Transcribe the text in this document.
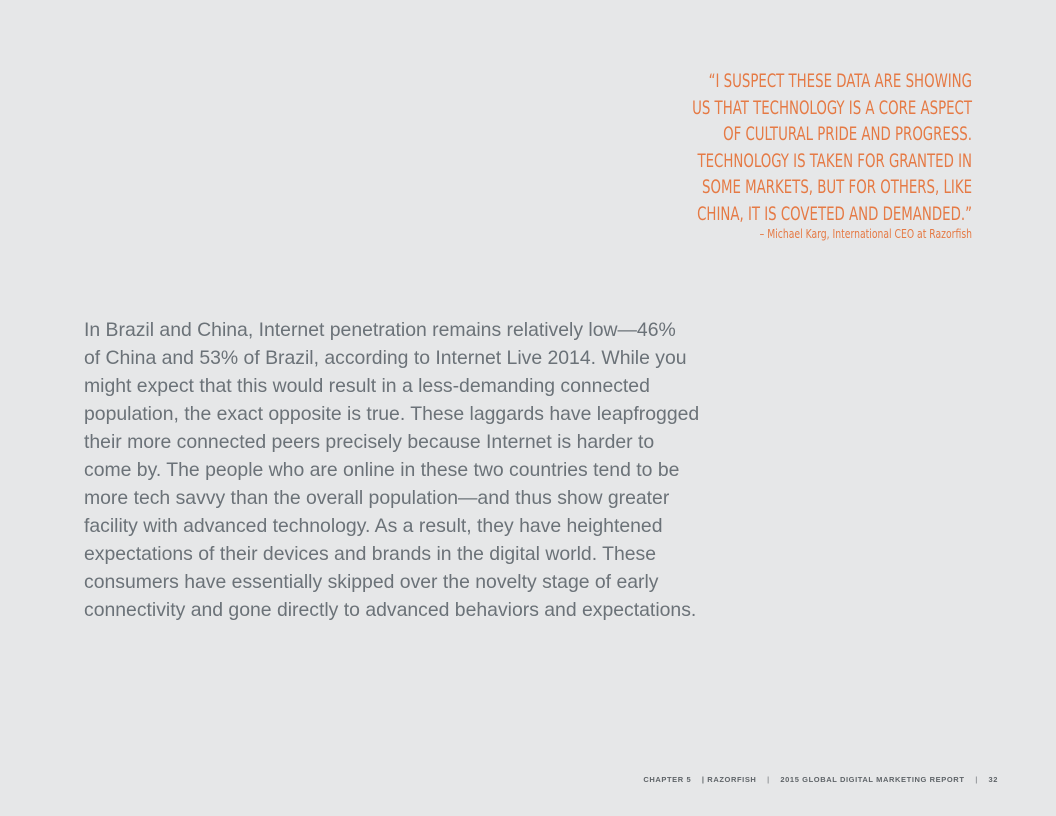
“I SUSPECT THESE DATA ARE SHOWING
US THAT TECHNOLOGY IS A CORE ASPECT
OF CULTURAL PRIDE AND PROGRESS.
TECHNOLOGY IS TAKEN FOR GRANTED IN
SOME MARKETS, BUT FOR OTHERS, LIKE
CHINA, IT IS COVETED AND DEMANDED.”
– Michael Karg, International CEO at Razorfish
In Brazil and China, Internet penetration remains relatively low—46%
of China and 53% of Brazil, according to Internet Live 2014. While you
might expect that this would result in a less-demanding connected
population, the exact opposite is true. These laggards have leapfrogged
their more connected peers precisely because Internet is harder to
come by. The people who are online in these two countries tend to be
more tech savvy than the overall population—and thus show greater
facility with advanced technology. As a result, they have heightened
expectations of their devices and brands in the digital world. These
consumers have essentially skipped over the novelty stage of early
connectivity and gone directly to advanced behaviors and expectations.
CHAPTER 5 | RAZORFISH | 2015 GLOBAL DIGITAL MARKETING REPORT | 32
